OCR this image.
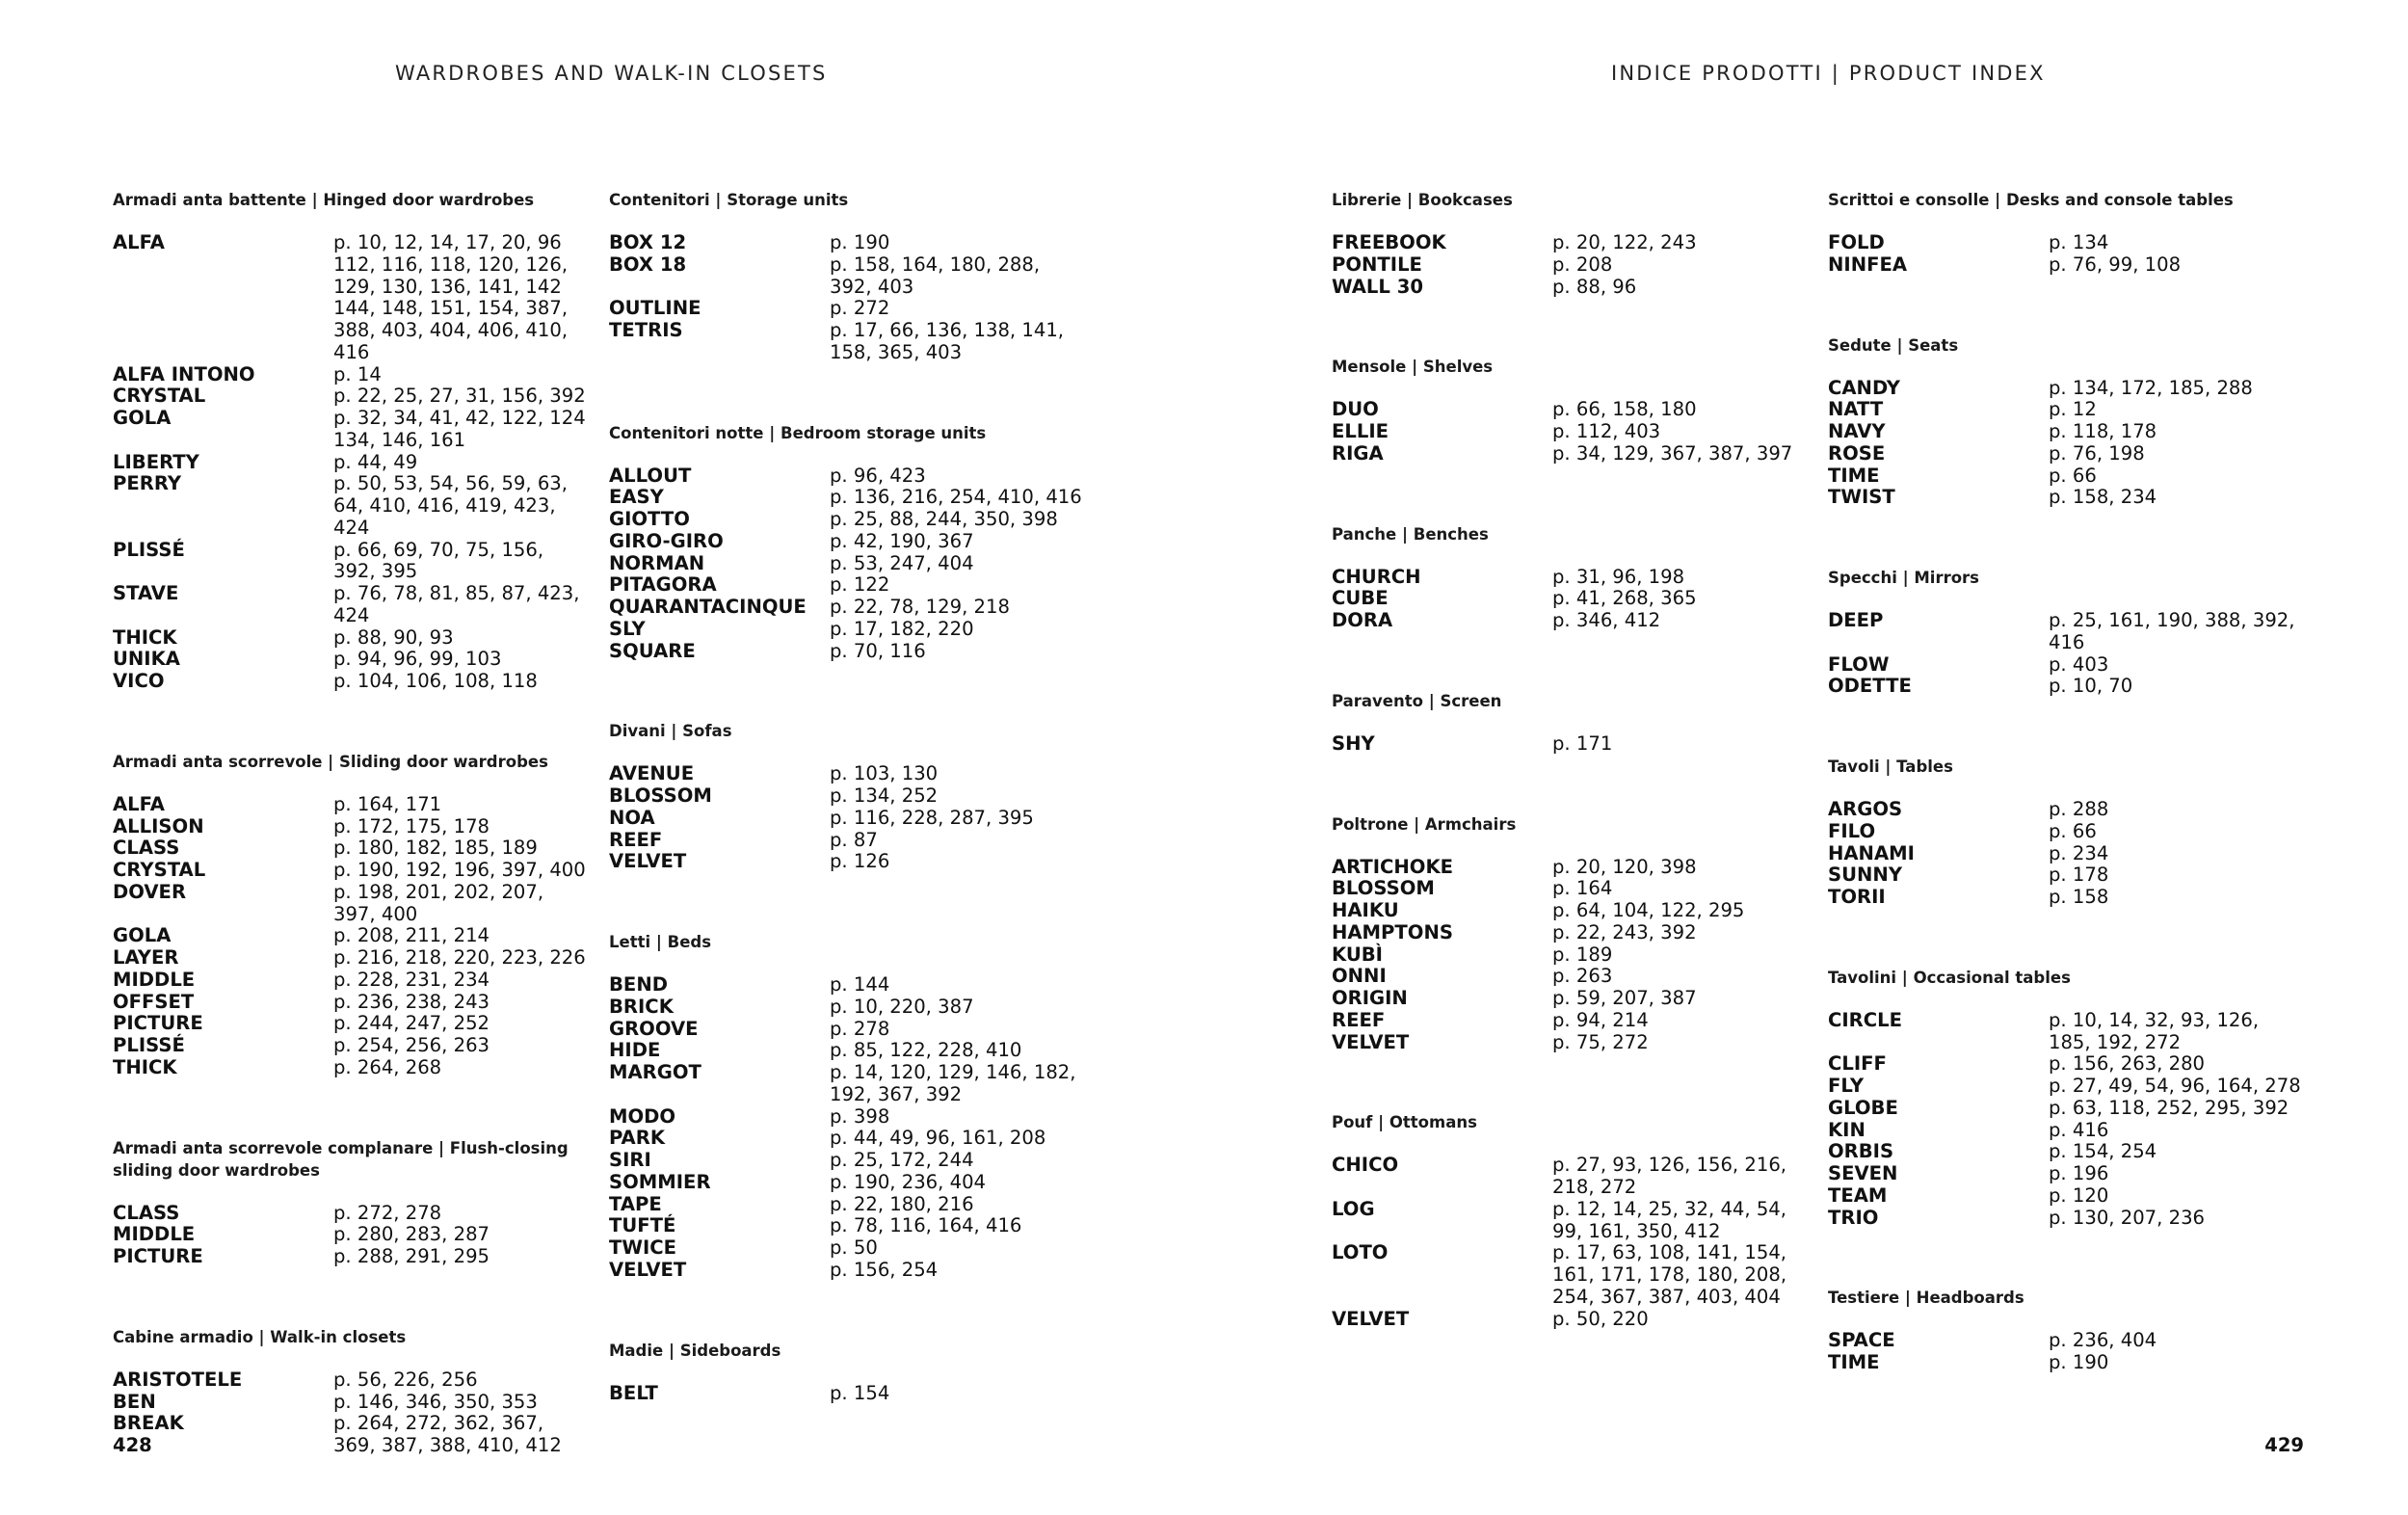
WARDROBES AND WALK-IN CLOSETS	INDICE PRODOTTI | PRODUCT INDEX
Armadi anta battente | Hinged door wardrobes
ALFA	p. 10, 12, 14, 17, 20, 96 112, 116, 118, 120, 126, 129, 130, 136, 141, 142 144, 148, 151, 154, 387, 388, 403, 404, 406, 410, 416
ALFA INTONO	p. 14
CRYSTAL	p. 22, 25, 27, 31, 156, 392
GOLA	p. 32, 34, 41, 42, 122, 124 134, 146, 161
LIBERTY	p. 44, 49
PERRY	p. 50, 53, 54, 56, 59, 63, 64, 410, 416, 419, 423, 424
PLISSÉ	p. 66, 69, 70, 75, 156, 392, 395
STAVE	p. 76, 78, 81, 85, 87, 423, 424
THICK	p. 88, 90, 93
UNIKA	p. 94, 96, 99, 103
VICO	p. 104, 106, 108, 118
Armadi anta scorrevole | Sliding door wardrobes
ALFA	p. 164, 171
ALLISON	p. 172, 175, 178
CLASS	p. 180, 182, 185, 189
CRYSTAL	p. 190, 192, 196, 397, 400
DOVER	p. 198, 201, 202, 207, 397, 400
GOLA	p. 208, 211, 214
LAYER	p. 216, 218, 220, 223, 226
MIDDLE	p. 228, 231, 234
OFFSET	p. 236, 238, 243
PICTURE	p. 244, 247, 252
PLISSÉ	p. 254, 256, 263
THICK	p. 264, 268
Armadi anta scorrevole complanare | Flush-closing sliding door wardrobes
CLASS	p. 272, 278
MIDDLE	p. 280, 283, 287
PICTURE	p. 288, 291, 295
Cabine armadio | Walk-in closets
ARISTOTELE	p. 56, 226, 256
BEN	p. 146, 346, 350, 353
BREAK	p. 264, 272, 362, 367, 369, 387, 388, 410, 412
Contenitori | Storage units
BOX 12	p. 190
BOX 18	p. 158, 164, 180, 288, 392, 403
OUTLINE	p. 272
TETRIS	p. 17, 66, 136, 138, 141, 158, 365, 403
Contenitori notte | Bedroom storage units
ALLOUT	p. 96, 423
EASY	p. 136, 216, 254, 410, 416
GIOTTO	p. 25, 88, 244, 350, 398
GIRO-GIRO	p. 42, 190, 367
NORMAN	p. 53, 247, 404
PITAGORA	p. 122
QUARANTACINQUE	p. 22, 78, 129, 218
SLY	p. 17, 182, 220
SQUARE	p. 70, 116
Divani | Sofas
AVENUE	p. 103, 130
BLOSSOM	p. 134, 252
NOA	p. 116, 228, 287, 395
REEF	p. 87
VELVET	p. 126
Letti | Beds
BEND	p. 144
BRICK	p. 10, 220, 387
GROOVE	p. 278
HIDE	p. 85, 122, 228, 410
MARGOT	p. 14, 120, 129, 146, 182, 192, 367, 392
MODO	p. 398
PARK	p. 44, 49, 96, 161, 208
SIRI	p. 25, 172, 244
SOMMIER	p. 190, 236, 404
TAPE	p. 22, 180, 216
TUFTÉ	p. 78, 116, 164, 416
TWICE	p. 50
VELVET	p. 156, 254
Madie | Sideboards
BELT	p. 154
Librerie | Bookcases
FREEBOOK	p. 20, 122, 243
PONTILE	p. 208
WALL 30	p. 88, 96
Mensole | Shelves
DUO	p. 66, 158, 180
ELLIE	p. 112, 403
RIGA	p. 34, 129, 367, 387, 397
Panche | Benches
CHURCH	p. 31, 96, 198
CUBE	p. 41, 268, 365
DORA	p. 346, 412
Paravento | Screen
SHY	p. 171
Poltrone | Armchairs
ARTICHOKE	p. 20, 120, 398
BLOSSOM	p. 164
HAIKU	p. 64, 104, 122, 295
HAMPTONS	p. 22, 243, 392
KUBÌ	p. 189
ONNI	p. 263
ORIGIN	p. 59, 207, 387
REEF	p. 94, 214
VELVET	p. 75, 272
Pouf | Ottomans
CHICO	p. 27, 93, 126, 156, 216, 218, 272
LOG	p. 12, 14, 25, 32, 44, 54, 99, 161, 350, 412
LOTO	p. 17, 63, 108, 141, 154, 161, 171, 178, 180, 208, 254, 367, 387, 403, 404
VELVET	p. 50, 220
Scrittoi e consolle | Desks and console tables
FOLD	p. 134
NINFEA	p. 76, 99, 108
Sedute | Seats
CANDY	p. 134, 172, 185, 288
NATT	p. 12
NAVY	p. 118, 178
ROSE	p. 76, 198
TIME	p. 66
TWIST	p. 158, 234
Specchi | Mirrors
DEEP	p. 25, 161, 190, 388, 392, 416
FLOW	p. 403
ODETTE	p. 10, 70
Tavoli | Tables
ARGOS	p. 288
FILO	p. 66
HANAMI	p. 234
SUNNY	p. 178
TORII	p. 158
Tavolini | Occasional tables
CIRCLE	p. 10, 14, 32, 93, 126, 185, 192, 272
CLIFF	p. 156, 263, 280
FLY	p. 27, 49, 54, 96, 164, 278
GLOBE	p. 63, 118, 252, 295, 392
KIN	p. 416
ORBIS	p. 154, 254
SEVEN	p. 196
TEAM	p. 120
TRIO	p. 130, 207, 236
Testiere | Headboards
SPACE	p. 236, 404
TIME	p. 190
428	429
